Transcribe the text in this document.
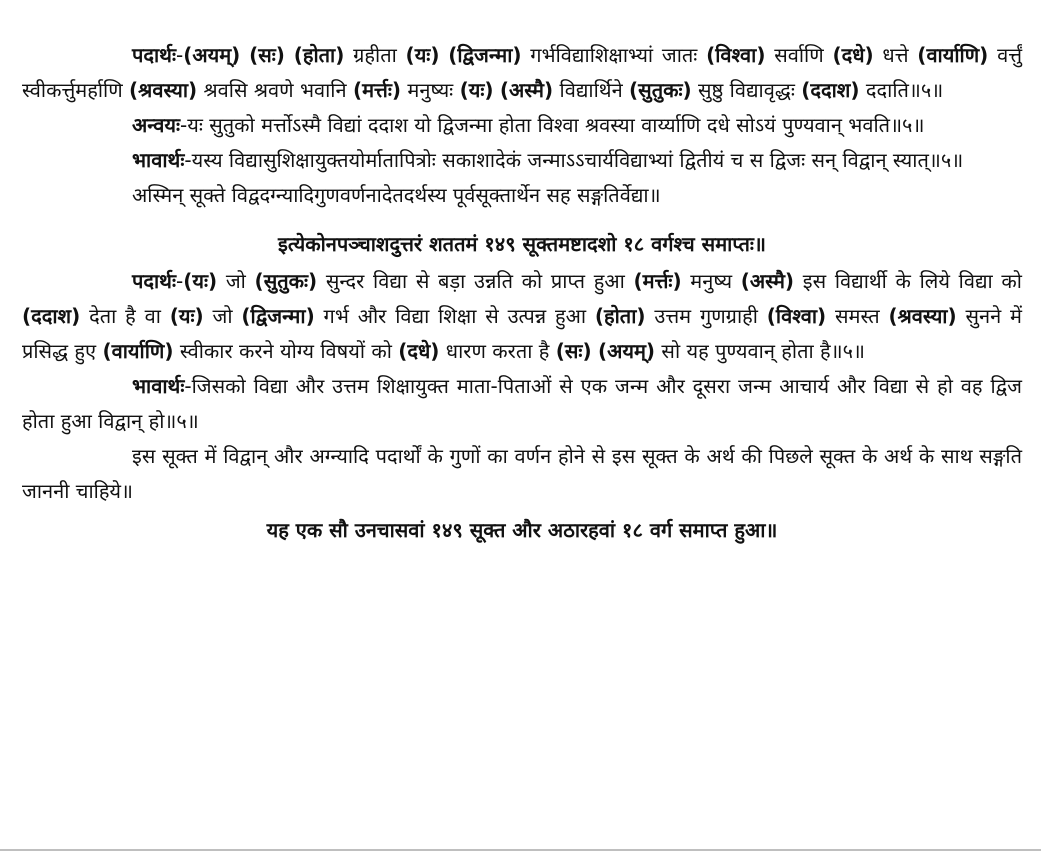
पदार्थः-(अयम्) (सः) (होता) ग्रहीता (यः) (द्विजन्मा) गर्भविद्याशिक्षाभ्यां जातः (विश्वा) सर्वाणि (दधे) धत्ते (वार्याणि) वर्त्तुं स्वीकर्त्तुमर्हाणि (श्रवस्या) श्रवसि श्रवणे भवानि (मर्त्तः) मनुष्यः (यः) (अस्मै) विद्यार्थिने (सुतुकः) सुष्ठु विद्यावृद्धः (ददाश) ददाति॥५॥

अन्वयः-यः सुतुको मर्त्तोऽस्मै विद्यां ददाश यो द्विजन्मा होता विश्वा श्रवस्या वार्य्याणि दधे सोऽयं पुण्यवान् भवति॥५॥

भावार्थः-यस्य विद्यासुशिक्षायुक्तयोर्मातापित्रोः सकाशादेकं जन्माऽऽचार्यविद्याभ्यां द्वितीयं च स द्विजः सन् विद्वान् स्यात्॥५॥

अस्मिन् सूक्ते विद्वदग्न्यादिगुणवर्णनादेतदर्थस्य पूर्वसूक्तार्थेन सह सङ्गतिर्वेद्या॥

इत्येकोनपञ्चाशदुत्तरं शततमं १४९ सूक्तमष्टादशो १८ वर्गश्च समाप्तः॥

पदार्थः-(यः) जो (सुतुकः) सुन्दर विद्या से बड़ा उन्नति को प्राप्त हुआ (मर्त्तः) मनुष्य (अस्मै) इस विद्यार्थी के लिये विद्या को (ददाश) देता है वा (यः) जो (द्विजन्मा) गर्भ और विद्या शिक्षा से उत्पन्न हुआ (होता) उत्तम गुणग्राही (विश्वा) समस्त (श्रवस्या) सुनने में प्रसिद्ध हुए (वार्याणि) स्वीकार करने योग्य विषयों को (दधे) धारण करता है (सः) (अयम्) सो यह पुण्यवान् होता है॥५॥

भावार्थः-जिसको विद्या और उत्तम शिक्षायुक्त माता-पिताओं से एक जन्म और दूसरा जन्म आचार्य और विद्या से हो वह द्विज होता हुआ विद्वान् हो॥५॥

इस सूक्त में विद्वान् और अग्न्यादि पदार्थों के गुणों का वर्णन होने से इस सूक्त के अर्थ की पिछले सूक्त के अर्थ के साथ सङ्गति जाननी चाहिये॥

यह एक सौ उनचासवां १४९ सूक्त और अठारहवां १८ वर्ग समाप्त हुआ॥
